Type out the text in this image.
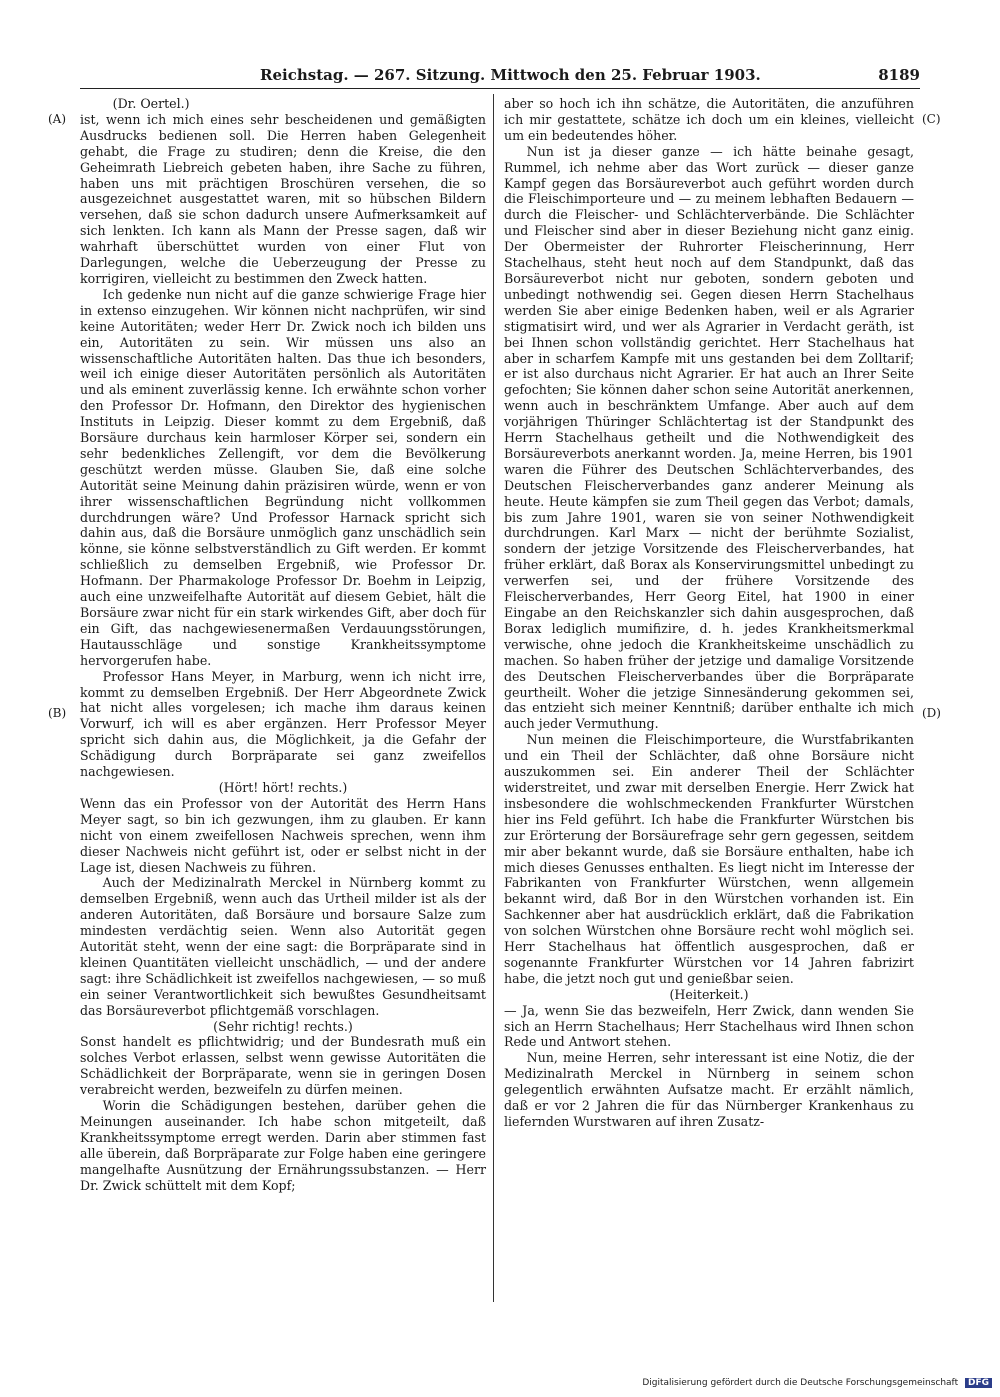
Reichstag. — 267. Sitzung. Mittwoch den 25. Februar 1903.	8189
(A)
(B)
(C)
(D)

(Dr. Oertel.)

ist, wenn ich mich eines sehr bescheidenen und gemäßigten Ausdrucks bedienen soll. Die Herren haben Gelegenheit gehabt, die Frage zu studiren; denn die Kreise, die den Geheimrath Liebreich gebeten haben, ihre Sache zu führen, haben uns mit prächtigen Broschüren versehen, die so ausgezeichnet ausgestattet waren, mit so hübschen Bildern versehen, daß sie schon dadurch unsere Aufmerksamkeit auf sich lenkten. Ich kann als Mann der Presse sagen, daß wir wahrhaft überschüttet wurden von einer Flut von Darlegungen, welche die Ueberzeugung der Presse zu korrigiren, vielleicht zu bestimmen den Zweck hatten.

Ich gedenke nun nicht auf die ganze schwierige Frage hier in extenso einzugehen. Wir können nicht nachprüfen, wir sind keine Autoritäten; weder Herr Dr. Zwick noch ich bilden uns ein, Autoritäten zu sein. Wir müssen uns also an wissenschaftliche Autoritäten halten. Das thue ich besonders, weil ich einige dieser Autoritäten persönlich als Autoritäten und als eminent zuverlässig kenne. Ich erwähnte schon vorher den Professor Dr. Hofmann, den Direktor des hygienischen Instituts in Leipzig. Dieser kommt zu dem Ergebniß, daß Borsäure durchaus kein harmloser Körper sei, sondern ein sehr bedenkliches Zellengift, vor dem die Bevölkerung geschützt werden müsse. Glauben Sie, daß eine solche Autorität seine Meinung dahin präzisiren würde, wenn er von ihrer wissenschaftlichen Begründung nicht vollkommen durchdrungen wäre? Und Professor Harnack spricht sich dahin aus, daß die Borsäure unmöglich ganz unschädlich sein könne, sie könne selbstverständlich zu Gift werden. Er kommt schließlich zu demselben Ergebniß, wie Professor Dr. Hofmann. Der Pharmakologe Professor Dr. Boehm in Leipzig, auch eine unzweifelhafte Autorität auf diesem Gebiet, hält die Borsäure zwar nicht für ein stark wirkendes Gift, aber doch für ein Gift, das nachgewiesenermaßen Verdauungsstörungen, Hautausschläge und sonstige Krankheitssymptome hervorgerufen habe.

Professor Hans Meyer, in Marburg, wenn ich nicht irre, kommt zu demselben Ergebniß. Der Herr Abgeordnete Zwick hat nicht alles vorgelesen; ich mache ihm daraus keinen Vorwurf, ich will es aber ergänzen. Herr Professor Meyer spricht sich dahin aus, die Möglichkeit, ja die Gefahr der Schädigung durch Borpräparate sei ganz zweifellos nachgewiesen.

(Hört! hört! rechts.)

Wenn das ein Professor von der Autorität des Herrn Hans Meyer sagt, so bin ich gezwungen, ihm zu glauben. Er kann nicht von einem zweifellosen Nachweis sprechen, wenn ihm dieser Nachweis nicht geführt ist, oder er selbst nicht in der Lage ist, diesen Nachweis zu führen.

Auch der Medizinalrath Merckel in Nürnberg kommt zu demselben Ergebniß, wenn auch das Urtheil milder ist als der anderen Autoritäten, daß Borsäure und borsaure Salze zum mindesten verdächtig seien. Wenn also Autorität gegen Autorität steht, wenn der eine sagt: die Borpräparate sind in kleinen Quantitäten vielleicht unschädlich, — und der andere sagt: ihre Schädlichkeit ist zweifellos nachgewiesen, — so muß ein seiner Verantwortlichkeit sich bewußtes Gesundheitsamt das Borsäureverbot pflichtgemäß vorschlagen.

(Sehr richtig! rechts.)

Sonst handelt es pflichtwidrig; und der Bundesrath muß ein solches Verbot erlassen, selbst wenn gewisse Autoritäten die Schädlichkeit der Borpräparate, wenn sie in geringen Dosen verabreicht werden, bezweifeln zu dürfen meinen.

Worin die Schädigungen bestehen, darüber gehen die Meinungen auseinander. Ich habe schon mitgeteilt, daß Krankheitssymptome erregt werden. Darin aber stimmen fast alle überein, daß Borpräparate zur Folge haben eine geringere mangelhafte Ausnützung der Ernährungssubstanzen. — Herr Dr. Zwick schüttelt mit dem Kopf;

aber so hoch ich ihn schätze, die Autoritäten, die anzuführen ich mir gestattete, schätze ich doch um ein kleines, vielleicht um ein bedeutendes höher.

Nun ist ja dieser ganze — ich hätte beinahe gesagt, Rummel, ich nehme aber das Wort zurück — dieser ganze Kampf gegen das Borsäureverbot auch geführt worden durch die Fleischimporteure und — zu meinem lebhaften Bedauern — durch die Fleischer- und Schlächterverbände. Die Schlächter und Fleischer sind aber in dieser Beziehung nicht ganz einig. Der Obermeister der Ruhrorter Fleischerinnung, Herr Stachelhaus, steht heut noch auf dem Standpunkt, daß das Borsäureverbot nicht nur geboten, sondern geboten und unbedingt nothwendig sei. Gegen diesen Herrn Stachelhaus werden Sie aber einige Bedenken haben, weil er als Agrarier stigmatisirt wird, und wer als Agrarier in Verdacht geräth, ist bei Ihnen schon vollständig gerichtet. Herr Stachelhaus hat aber in scharfem Kampfe mit uns gestanden bei dem Zolltarif; er ist also durchaus nicht Agrarier. Er hat auch an Ihrer Seite gefochten; Sie können daher schon seine Autorität anerkennen, wenn auch in beschränktem Umfange. Aber auch auf dem vorjährigen Thüringer Schlächtertag ist der Standpunkt des Herrn Stachelhaus getheilt und die Nothwendigkeit des Borsäureverbots anerkannt worden. Ja, meine Herren, bis 1901 waren die Führer des Deutschen Schlächterverbandes, des Deutschen Fleischerverbandes ganz anderer Meinung als heute. Heute kämpfen sie zum Theil gegen das Verbot; damals, bis zum Jahre 1901, waren sie von seiner Nothwendigkeit durchdrungen. Karl Marx — nicht der berühmte Sozialist, sondern der jetzige Vorsitzende des Fleischerverbandes, hat früher erklärt, daß Borax als Konservirungsmittel unbedingt zu verwerfen sei, und der frühere Vorsitzende des Fleischerverbandes, Herr Georg Eitel, hat 1900 in einer Eingabe an den Reichskanzler sich dahin ausgesprochen, daß Borax lediglich mumifizire, d. h. jedes Krankheitsmerkmal verwische, ohne jedoch die Krankheitskeime unschädlich zu machen. So haben früher der jetzige und damalige Vorsitzende des Deutschen Fleischerverbandes über die Borpräparate geurtheilt. Woher die jetzige Sinnesänderung gekommen sei, das entzieht sich meiner Kenntniß; darüber enthalte ich mich auch jeder Vermuthung.

Nun meinen die Fleischimporteure, die Wurstfabrikanten und ein Theil der Schlächter, daß ohne Borsäure nicht auszukommen sei. Ein anderer Theil der Schlächter widerstreitet, und zwar mit derselben Energie. Herr Zwick hat insbesondere die wohlschmeckenden Frankfurter Würstchen hier ins Feld geführt. Ich habe die Frankfurter Würstchen bis zur Erörterung der Borsäurefrage sehr gern gegessen, seitdem mir aber bekannt wurde, daß sie Borsäure enthalten, habe ich mich dieses Genusses enthalten. Es liegt nicht im Interesse der Fabrikanten von Frankfurter Würstchen, wenn allgemein bekannt wird, daß Bor in den Würstchen vorhanden ist. Ein Sachkenner aber hat ausdrücklich erklärt, daß die Fabrikation von solchen Würstchen ohne Borsäure recht wohl möglich sei. Herr Stachelhaus hat öffentlich ausgesprochen, daß er sogenannte Frankfurter Würstchen vor 14 Jahren fabrizirt habe, die jetzt noch gut und genießbar seien.

(Heiterkeit.)

— Ja, wenn Sie das bezweifeln, Herr Zwick, dann wenden Sie sich an Herrn Stachelhaus; Herr Stachelhaus wird Ihnen schon Rede und Antwort stehen.

Nun, meine Herren, sehr interessant ist eine Notiz, die der Medizinalrath Merckel in Nürnberg in seinem schon gelegentlich erwähnten Aufsatze macht. Er erzählt nämlich, daß er vor 2 Jahren die für das Nürnberger Krankenhaus zu liefernden Wurstwaren auf ihren Zusatz-

Digitalisierung gefördert durch die Deutsche Forschungsgemeinschaft DFG
